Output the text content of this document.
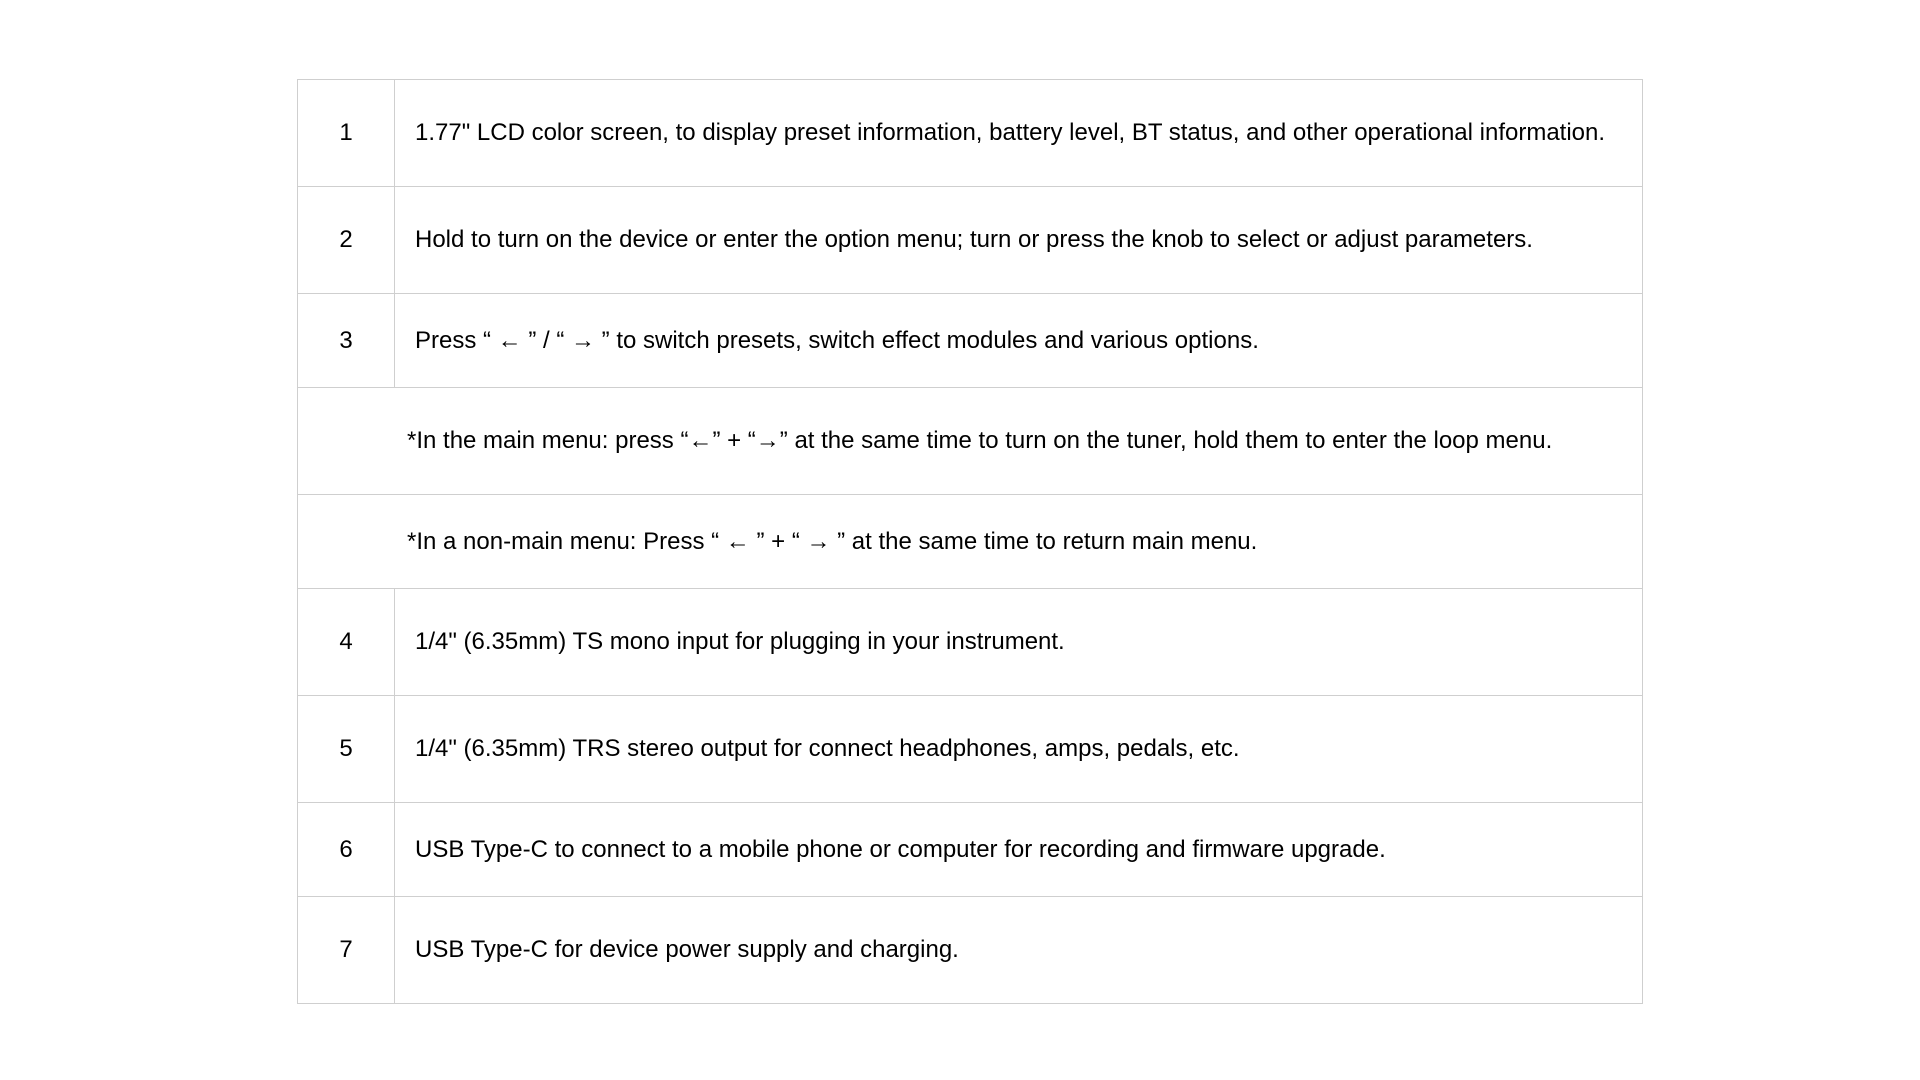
1	1.77" LCD color screen, to display preset information, battery level, BT status, and other operational information.
2	Hold to turn on the device or enter the option menu; turn or press the knob to select or adjust parameters.
3	Press “ ← ” / “ → ” to switch presets, switch effect modules and various options.
*In the main menu: press “←” + “→” at the same time to turn on the tuner, hold them to enter the loop menu.	
*In a non-main menu: Press “ ← ” + “ → ” at the same time to return main menu.	
4	1/4" (6.35mm) TS mono input for plugging in your instrument.
5	1/4" (6.35mm) TRS stereo output for connect headphones, amps, pedals, etc.
6	USB Type-C to connect to a mobile phone or computer for recording and firmware upgrade.
7	USB Type-C for device power supply and charging.
